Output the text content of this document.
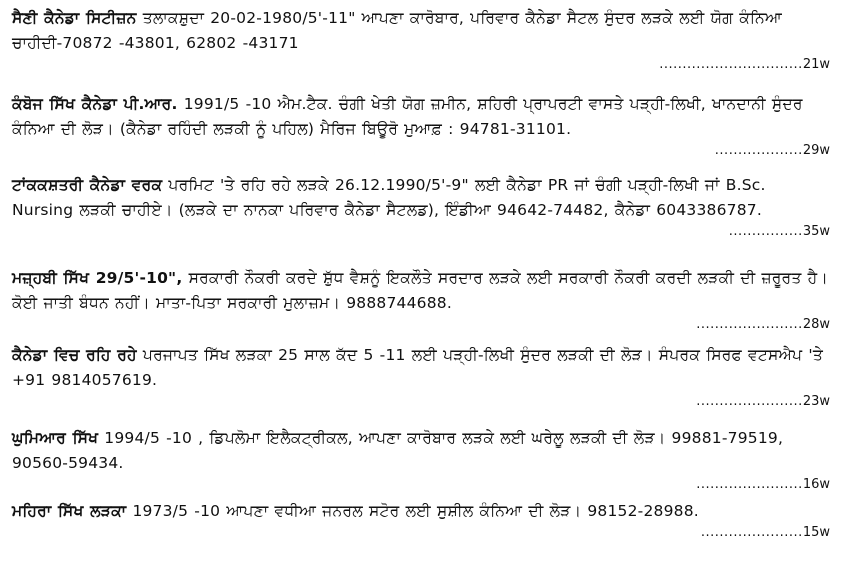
ਸੈਣੀ ਕੈਨੇਡਾ ਸਿਟੀਜ਼ਨ ਤਲਾਕਸ਼ੁਦਾ 20-02-1980/5'-11" ਆਪਣਾ ਕਾਰੋਬਾਰ, ਪਰਿਵਾਰ ਕੈਨੇਡਾ ਸੈਟਲ ਸੁੰਦਰ ਲੜਕੇ ਲਈ ਯੋਗ ਕੰਨਿਆ ਚਾਹੀਦੀ-70872 -43801, 62802 -43171
...............................21w
ਕੰਬੋਜ ਸਿੱਖ ਕੈਨੇਡਾ ਪੀ.ਆਰ. 1991/5 -10 ਐਮ.ਟੈਕ. ਚੰਗੀ ਖੇਤੀ ਯੋਗ ਜ਼ਮੀਨ, ਸ਼ਹਿਰੀ ਪ੍ਰਾਪਰਟੀ ਵਾਸਤੇ ਪੜ੍ਹੀ-ਲਿਖੀ, ਖਾਨਦਾਨੀ ਸੁੰਦਰ ਕੰਨਿਆ ਦੀ ਲੋੜ। (ਕੈਨੇਡਾ ਰਹਿੰਦੀ ਲੜਕੀ ਨੂੰ ਪਹਿਲ) ਮੈਰਿਜ ਬਿਊਰੋ ਮੁਆਫ਼ : 94781-31101.
...................29w
ਟਾਂਕਕਸ਼ਤਰੀ ਕੈਨੇਡਾ ਵਰਕ ਪਰਮਿਟ 'ਤੇ ਰਹਿ ਰਹੇ ਲੜਕੇ 26.12.1990/5'-9" ਲਈ ਕੈਨੇਡਾ PR ਜਾਂ ਚੰਗੀ ਪੜ੍ਹੀ-ਲਿਖੀ ਜਾਂ B.Sc. Nursing ਲੜਕੀ ਚਾਹੀਏ। (ਲੜਕੇ ਦਾ ਨਾਨਕਾ ਪਰਿਵਾਰ ਕੈਨੇਡਾ ਸੈਟਲਡ), ਇੰਡੀਆ 94642-74482, ਕੈਨੇਡਾ 6043386787.
................35w
ਮਜ਼੍ਹਬੀ ਸਿੱਖ 29/5'-10", ਸਰਕਾਰੀ ਨੌਕਰੀ ਕਰਦੇ ਸ਼ੁੱਧ ਵੈਸ਼ਨੂੰ ਇਕਲੌਤੇ ਸਰਦਾਰ ਲੜਕੇ ਲਈ ਸਰਕਾਰੀ ਨੌਕਰੀ ਕਰਦੀ ਲੜਕੀ ਦੀ ਜ਼ਰੂਰਤ ਹੈ। ਕੋਈ ਜਾਤੀ ਬੰਧਨ ਨਹੀਂ। ਮਾਤਾ-ਪਿਤਾ ਸਰਕਾਰੀ ਮੁਲਾਜ਼ਮ। 9888744688.
.......................28w
ਕੈਨੇਡਾ ਵਿਚ ਰਹਿ ਰਹੇ ਪਰਜਾਪਤ ਸਿੱਖ ਲੜਕਾ 25 ਸਾਲ ਕੱਦ 5 -11 ਲਈ ਪੜ੍ਹੀ-ਲਿਖੀ ਸੁੰਦਰ ਲੜਕੀ ਦੀ ਲੋੜ। ਸੰਪਰਕ ਸਿਰਫ ਵਟਸਐਪ 'ਤੇ +91 9814057619.
.......................23w
ਘੁਮਿਆਰ ਸਿੱਖ 1994/5 -10 , ਡਿਪਲੋਮਾ ਇਲੈਕਟ੍ਰੀਕਲ, ਆਪਣਾ ਕਾਰੋਬਾਰ ਲੜਕੇ ਲਈ ਘਰੇਲੂ ਲੜਕੀ ਦੀ ਲੋੜ। 99881-79519, 90560-59434.
.......................16w
ਮਹਿਰਾ ਸਿੱਖ ਲੜਕਾ 1973/5 -10 ਆਪਣਾ ਵਧੀਆ ਜਨਰਲ ਸਟੋਰ ਲਈ ਸੁਸ਼ੀਲ ਕੰਨਿਆ ਦੀ ਲੋੜ। 98152-28988.
......................15w
